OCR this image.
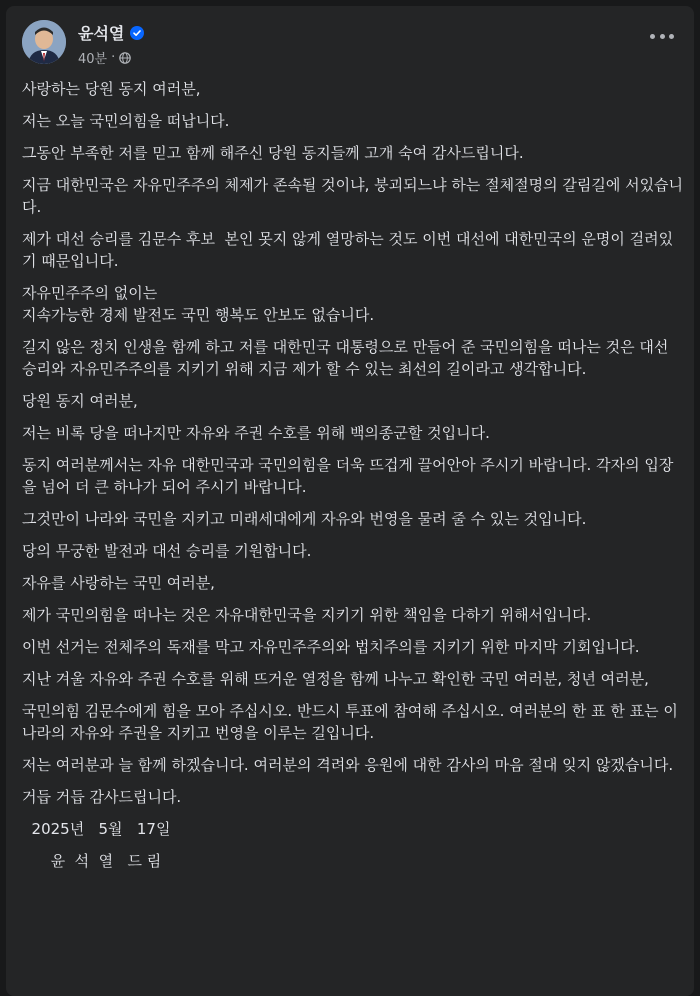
윤석열
40분 ·

사랑하는 당원 동지 여러분,

저는 오늘 국민의힘을 떠납니다.

그동안 부족한 저를 믿고 함께 해주신 당원 동지들께 고개 숙여 감사드립니다.

지금 대한민국은 자유민주주의 체제가 존속될 것이냐, 붕괴되느냐 하는 절체절명의 갈림길에 서있습니다.

제가 대선 승리를 김문수 후보  본인 못지 않게 열망하는 것도 이번 대선에 대한민국의 운명이 걸려있기 때문입니다.

자유민주주의 없이는
지속가능한 경제 발전도 국민 행복도 안보도 없습니다.

길지 않은 정치 인생을 함께 하고 저를 대한민국 대통령으로 만들어 준 국민의힘을 떠나는 것은 대선 승리와 자유민주주의를 지키기 위해 지금 제가 할 수 있는 최선의 길이라고 생각합니다.

당원 동지 여러분,

저는 비록 당을 떠나지만 자유와 주권 수호를 위해 백의종군할 것입니다.

동지 여러분께서는 자유 대한민국과 국민의힘을 더욱 뜨겁게 끌어안아 주시기 바랍니다. 각자의 입장을 넘어 더 큰 하나가 되어 주시기 바랍니다.

그것만이 나라와 국민을 지키고 미래세대에게 자유와 번영을 물려 줄 수 있는 것입니다.

당의 무궁한 발전과 대선 승리를 기원합니다.

자유를 사랑하는 국민 여러분,

제가 국민의힘을 떠나는 것은 자유대한민국을 지키기 위한 책임을 다하기 위해서입니다.

이번 선거는 전체주의 독재를 막고 자유민주주의와 법치주의를 지키기 위한 마지막 기회입니다.

지난 겨울 자유와 주권 수호를 위해 뜨거운 열정을 함께 나누고 확인한 국민 여러분, 청년 여러분,

국민의힘 김문수에게 힘을 모아 주십시오. 반드시 투표에 참여해 주십시오. 여러분의 한 표 한 표는 이 나라의 자유와 주권을 지키고 번영을 이루는 길입니다.

저는 여러분과 늘 함께 하겠습니다. 여러분의 격려와 응원에 대한 감사의 마음 절대 잊지 않겠습니다.

거듭 거듭 감사드립니다.

2025년   5월   17일

윤  석  열   드 림
